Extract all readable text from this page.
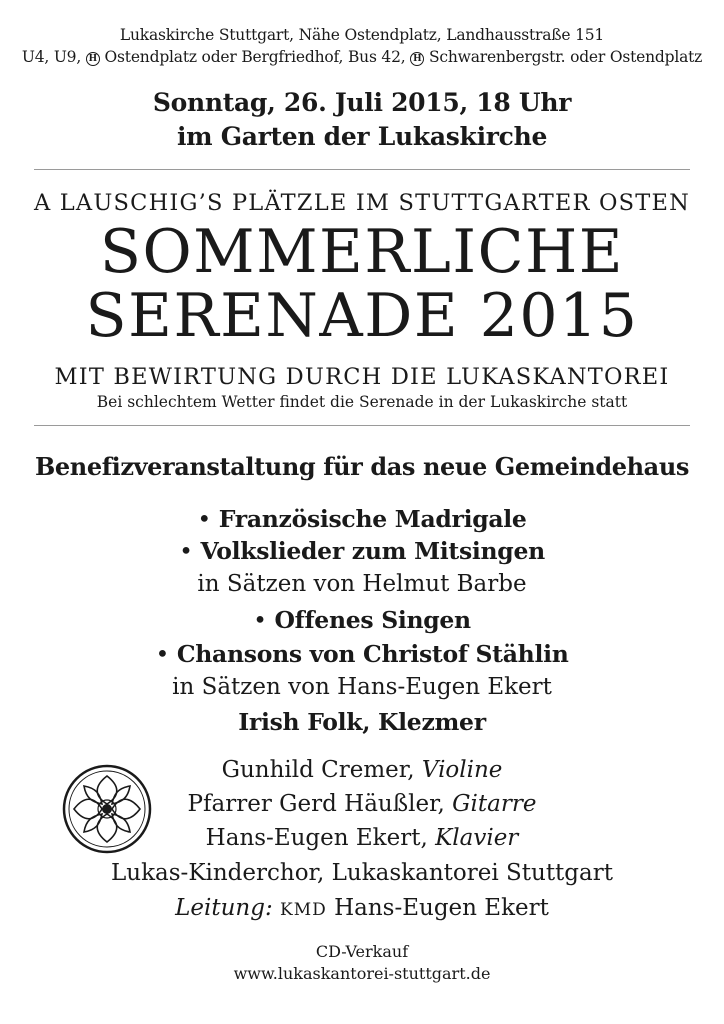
Lukaskirche Stuttgart, Nähe Ostendplatz, Landhausstraße 151
U4, U9, H Ostendplatz oder Bergfriedhof, Bus 42, H Schwarenbergstr. oder Ostendplatz
Sonntag, 26. Juli 2015, 18 Uhr
im Garten der Lukaskirche
A LAUSCHIG’S PLÄTZLE IM STUTTGARTER OSTEN
SOMMERLICHE
SERENADE 2015
MIT BEWIRTUNG DURCH DIE LUKASKANTOREI
Bei schlechtem Wetter findet die Serenade in der Lukaskirche statt
Benefizveranstaltung für das neue Gemeindehaus
• Französische Madrigale
• Volkslieder zum Mitsingen
in Sätzen von Helmut Barbe
• Offenes Singen
• Chansons von Christof Stählin
in Sätzen von Hans-Eugen Ekert
Irish Folk, Klezmer
Gunhild Cremer, Violine
Pfarrer Gerd Häußler, Gitarre
Hans-Eugen Ekert, Klavier
Lukas-Kinderchor, Lukaskantorei Stuttgart
Leitung: KMD Hans-Eugen Ekert
CD-Verkauf
www.lukaskantorei-stuttgart.de
